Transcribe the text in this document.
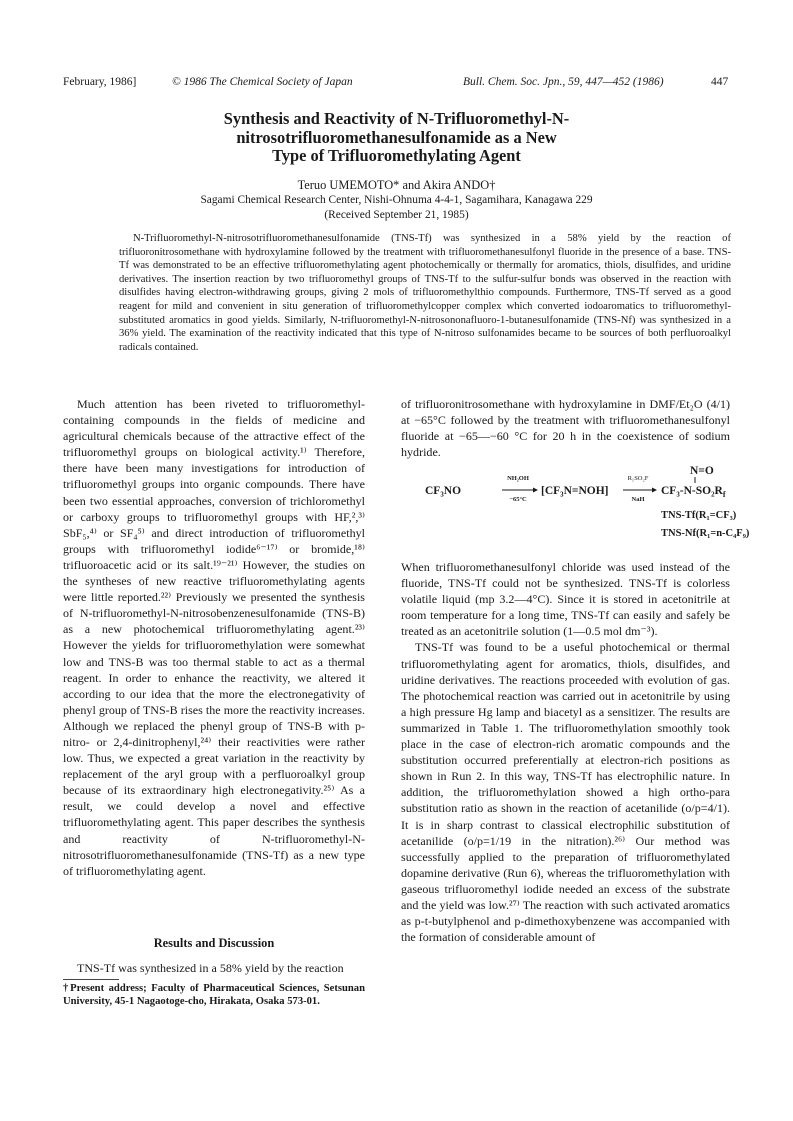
February, 1986]	© 1986 The Chemical Society of Japan	Bull. Chem. Soc. Jpn., 59, 447—452 (1986)	447
Synthesis and Reactivity of N-Trifluoromethyl-N-
nitrosotrifluoromethanesulfonamide as a New
Type of Trifluoromethylating Agent
Teruo UMEMOTO* and Akira ANDO†
Sagami Chemical Research Center, Nishi-Ohnuma 4-4-1, Sagamihara, Kanagawa 229
(Received September 21, 1985)
N-Trifluoromethyl-N-nitrosotrifluoromethanesulfonamide (TNS-Tf) was synthesized in a 58% yield by the reaction of trifluoronitrosomethane with hydroxylamine followed by the treatment with trifluoromethanesulfonyl fluoride in the presence of a base. TNS-Tf was demonstrated to be an effective trifluoromethylating agent photochemically or thermally for aromatics, thiols, disulfides, and uridine derivatives. The insertion reaction by two trifluoromethyl groups of TNS-Tf to the sulfur-sulfur bonds was observed in the reaction with disulfides having electron-withdrawing groups, giving 2 mols of trifluoromethylthio compounds. Furthermore, TNS-Tf served as a good reagent for mild and convenient in situ generation of trifluoromethylcopper complex which converted iodoaromatics to trifluoromethyl-substituted aromatics in good yields. Similarly, N-trifluoromethyl-N-nitrosononafluoro-1-butanesulfonamide (TNS-Nf) was synthesized in a 36% yield. The examination of the reactivity indicated that this type of N-nitroso sulfonamides became to be sources of both perfluoroalkyl radicals contained.

Much attention has been riveted to trifluoromethyl-containing compounds in the fields of medicine and agricultural chemicals because of the attractive effect of the trifluoromethyl groups on biological activity.¹⁾ Therefore, there have been many investigations for introduction of trifluoromethyl groups into organic compounds. There have been two essential approaches, conversion of trichloromethyl or carboxy groups to trifluoromethyl groups with HF,²,³⁾ SbF₅,⁴⁾ or SF₄⁵⁾ and direct introduction of trifluoromethyl groups with trifluoromethyl iodide⁶⁻¹⁷⁾ or bromide,¹⁸⁾ trifluoroacetic acid or its salt.¹⁹⁻²¹⁾ However, the studies on the syntheses of new reactive trifluoromethylating agents were little reported.²²⁾ Previously we presented the synthesis of N-trifluoromethyl-N-nitrosobenzenesulfonamide (TNS-B) as a new photochemical trifluoromethylating agent.²³⁾ However the yields for trifluoromethylation were somewhat low and TNS-B was too thermal stable to act as a thermal reagent. In order to enhance the reactivity, we altered it according to our idea that the more the electronegativity of phenyl group of TNS-B rises the more the reactivity increases. Although we replaced the phenyl group of TNS-B with p-nitro- or 2,4-dinitrophenyl,²⁴⁾ their reactivities were rather low. Thus, we expected a great variation in the reactivity by replacement of the aryl group with a perfluoroalkyl group because of its extraordinary high electronegativity.²⁵⁾ As a result, we could develop a novel and effective trifluoromethylating agent. This paper describes the synthesis and reactivity of N-trifluoromethyl-N-nitrosotrifluoromethanesulfonamide (TNS-Tf) as a new type of trifluoromethylating agent.

Results and Discussion
TNS-Tf was synthesized in a 58% yield by the reaction
†Present address; Faculty of Pharmaceutical Sciences, Setsunan University, 45-1 Nagaotoge-cho, Hirakata, Osaka 573-01.

of trifluoronitrosomethane with hydroxylamine in DMF/Et₂O (4/1) at −65°C followed by the treatment with trifluoromethanesulfonyl fluoride at −65—−60 °C for 20 h in the coexistence of sodium hydride.

NH₂OH
−65°C
CF₃NO	[CF₃N=NOH]
R₁SO₂F
NaH
N=O
CF₃-$N-SO_2R_f$
TNS-Tf(R₁=CF₃)
TNS-Nf(R₁=n-C₄F₉)

When trifluoromethanesulfonyl chloride was used instead of the fluoride, TNS-Tf could not be synthesized. TNS-Tf is colorless volatile liquid (mp 3.2—4°C). Since it is stored in acetonitrile at room temperature for a long time, TNS-Tf can easily and safely be treated as an acetonitrile solution (1—0.5 mol dm⁻³).

TNS-Tf was found to be a useful photochemical or thermal trifluoromethylating agent for aromatics, thiols, disulfides, and uridine derivatives. The reactions proceeded with evolution of gas. The photochemical reaction was carried out in acetonitrile by using a high pressure Hg lamp and biacetyl as a sensitizer. The results are summarized in Table 1. The trifluoromethylation smoothly took place in the case of electron-rich aromatic compounds and the substitution occurred preferentially at electron-rich positions as shown in Run 2. In this way, TNS-Tf has electrophilic nature. In addition, the trifluoromethylation showed a high ortho-para substitution ratio as shown in the reaction of acetanilide (o/p=4/1). It is in sharp contrast to classical electrophilic substitution of acetanilide (o/p=1/19 in the nitration).²⁶⁾ Our method was successfully applied to the preparation of trifluoromethylated dopamine derivative (Run 6), whereas the trifluoromethylation with gaseous trifluoromethyl iodide needed an excess of the substrate and the yield was low.²⁷⁾ The reaction with such activated aromatics as p-t-butylphenol and p-dimethoxybenzene was accompanied with the formation of considerable amount of
